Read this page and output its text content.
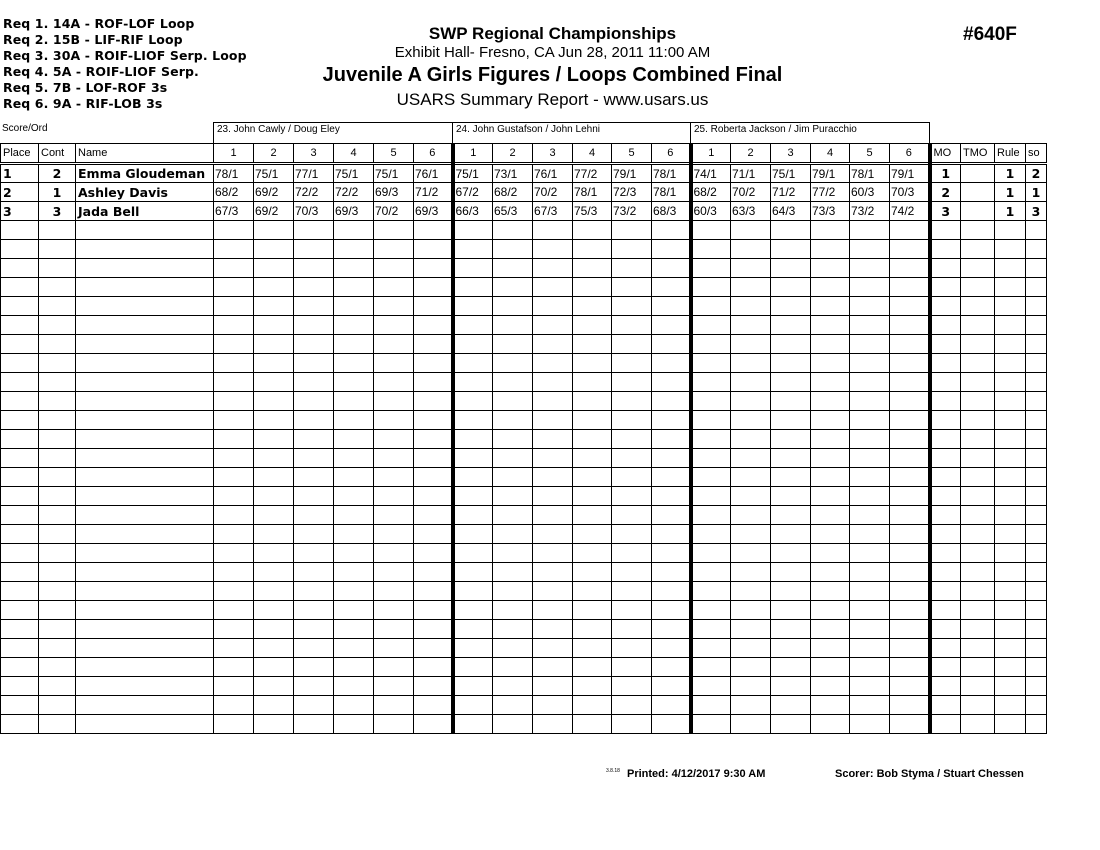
Req 1. 14A - ROF-LOF Loop
Req 2. 15B - LIF-RIF Loop
Req 3. 30A - ROIF-LIOF Serp. Loop
Req 4. 5A - ROIF-LIOF Serp.
Req 5. 7B - LOF-ROF 3s
Req 6. 9A - RIF-LOB 3s
SWP Regional Championships
Exhibit Hall- Fresno, CA Jun 28, 2011 11:00 AM
Juvenile A Girls Figures / Loops Combined Final
USARS Summary Report - www.usars.us
#640F
Score/Ord	23. John Cawly / Doug Eley	24. John Gustafson / John Lehni	25. Roberta Jackson / Jim Puracchio
Place	Cont	Name	1	2	3	4	5	6	1	2	3	4	5	6	1	2	3	4	5	6	MO	TMO	Rule	so
1	2	Emma Gloudeman	78/1	75/1	77/1	75/1	75/1	76/1	75/1	73/1	76/1	77/2	79/1	78/1	74/1	71/1	75/1	79/1	78/1	79/1	1		1	2
2	1	Ashley Davis	68/2	69/2	72/2	72/2	69/3	71/2	67/2	68/2	70/2	78/1	72/3	78/1	68/2	70/2	71/2	77/2	60/3	70/3	2		1	1
3	3	Jada Bell	67/3	69/2	70/3	69/3	70/2	69/3	66/3	65/3	67/3	75/3	73/2	68/3	60/3	63/3	64/3	73/3	73/2	74/2	3		1	3

3.8.18 Printed: 4/12/2017 9:30 AM	Scorer: Bob Styma / Stuart Chessen
